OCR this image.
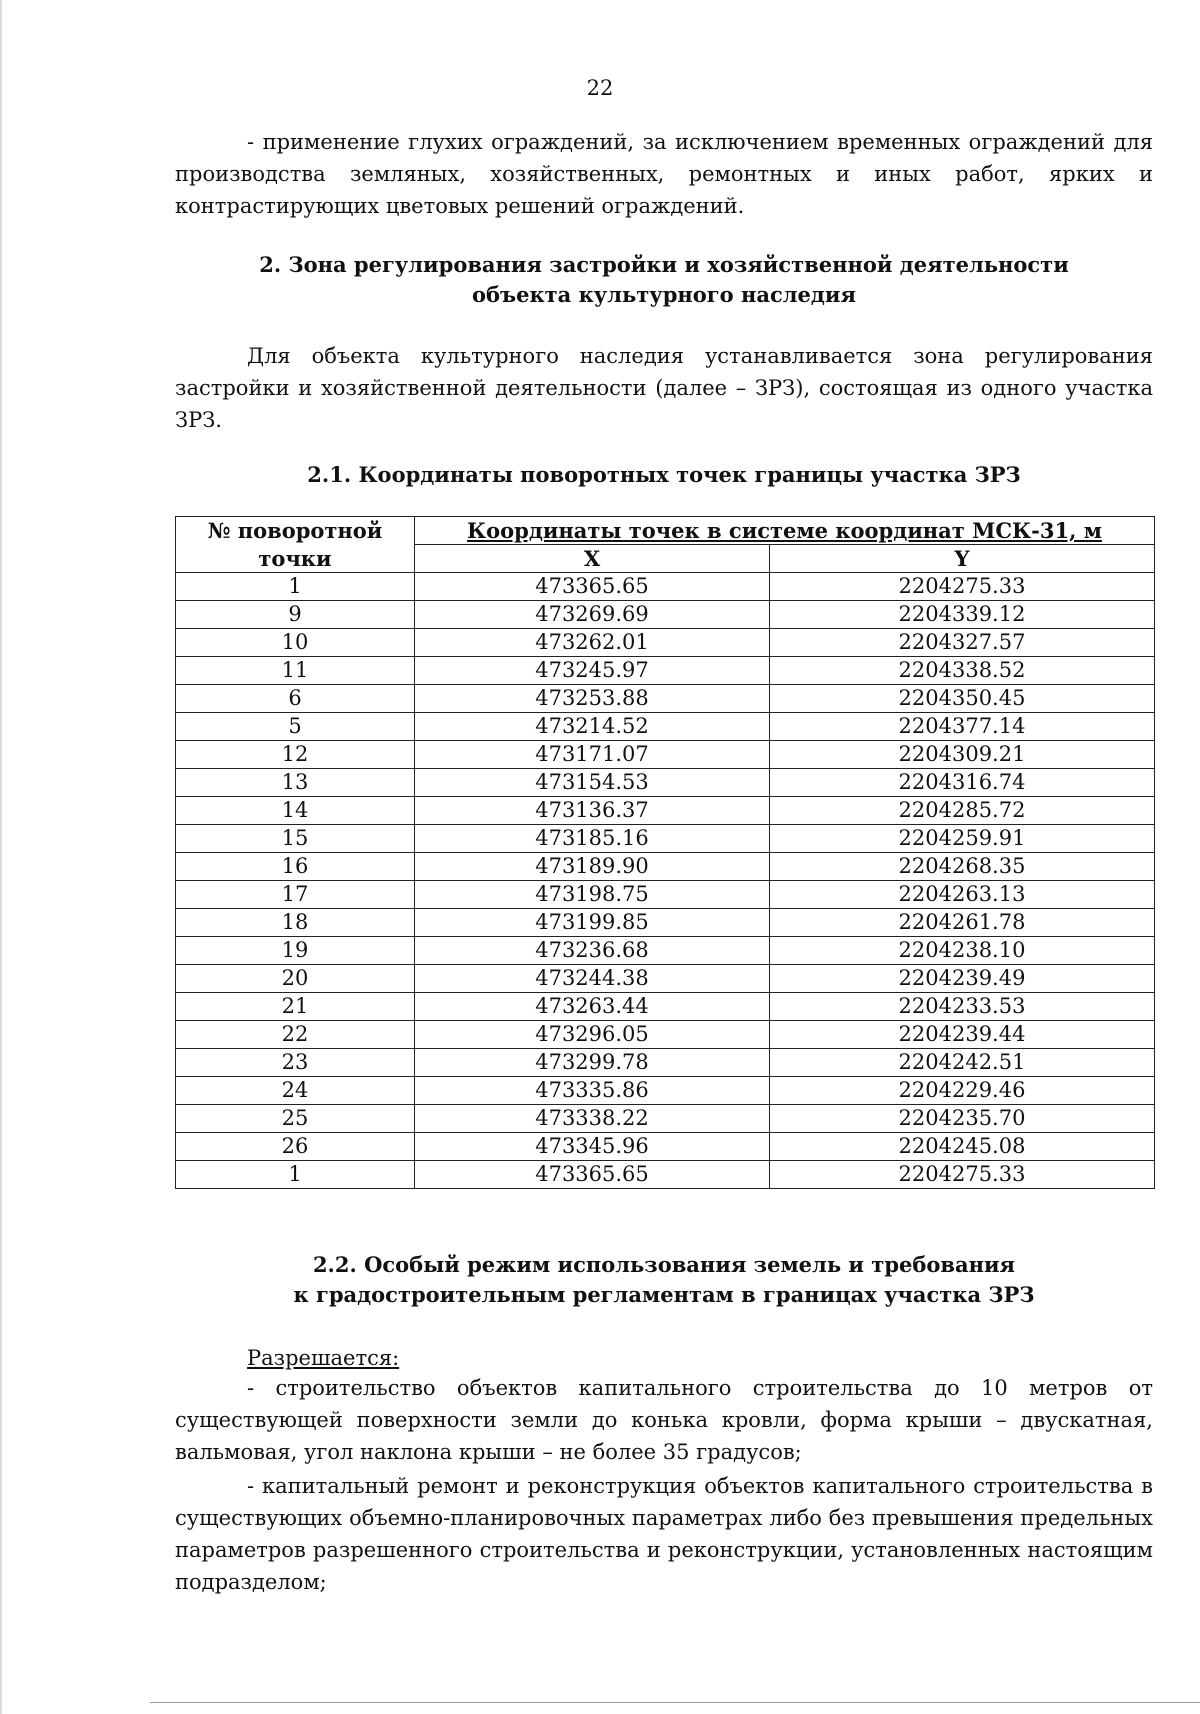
22
- применение глухих ограждений, за исключением временных ограждений для производства земляных, хозяйственных, ремонтных и иных работ, ярких и контрастирующих цветовых решений ограждений.
2. Зона регулирования застройки и хозяйственной деятельности
объекта культурного наследия
Для объекта культурного наследия устанавливается зона регулирования застройки и хозяйственной деятельности (далее – ЗРЗ), состоящая из одного участка ЗРЗ.
2.1. Координаты поворотных точек границы участка ЗРЗ
№ поворотной	Координаты точек в системе координат МСК-31, м	
точки	X	Y
1	473365.65	2204275.33
9	473269.69	2204339.12
10	473262.01	2204327.57
11	473245.97	2204338.52
6	473253.88	2204350.45
5	473214.52	2204377.14
12	473171.07	2204309.21
13	473154.53	2204316.74
14	473136.37	2204285.72
15	473185.16	2204259.91
16	473189.90	2204268.35
17	473198.75	2204263.13
18	473199.85	2204261.78
19	473236.68	2204238.10
20	473244.38	2204239.49
21	473263.44	2204233.53
22	473296.05	2204239.44
23	473299.78	2204242.51
24	473335.86	2204229.46
25	473338.22	2204235.70
26	473345.96	2204245.08
1	473365.65	2204275.33
2.2. Особый режим использования земель и требования
к градостроительным регламентам в границах участка ЗРЗ
Разрешается:
- строительство объектов капитального строительства до 10 метров от существующей поверхности земли до конька кровли, форма крыши – двускатная, вальмовая, угол наклона крыши – не более 35 градусов;
- капитальный ремонт и реконструкция объектов капитального строительства в существующих объемно-планировочных параметрах либо без превышения предельных параметров разрешенного строительства и реконструкции, установленных настоящим подразделом;
